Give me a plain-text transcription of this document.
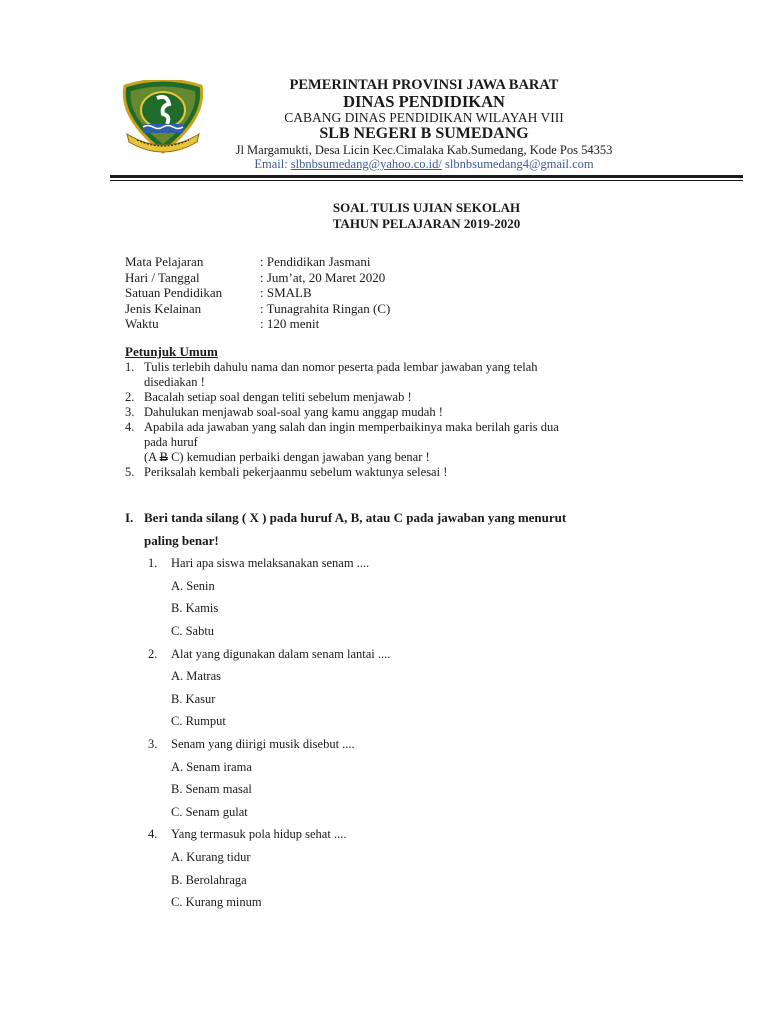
PEMERINTAH PROVINSI JAWA BARAT
DINAS PENDIDIKAN
CABANG DINAS PENDIDIKAN WILAYAH VIII
SLB NEGERI B SUMEDANG
Jl Margamukti, Desa Licin Kec.Cimalaka Kab.Sumedang, Kode Pos 54353
Email: slbnbsumedang@yahoo.co.id/ slbnbsumedang4@gmail.com
SOAL TULIS UJIAN SEKOLAH
TAHUN PELAJARAN 2019-2020
Mata Pelajaran	: Pendidikan Jasmani
Hari / Tanggal	: Jum’at, 20 Maret 2020
Satuan Pendidikan	: SMALB
Jenis Kelainan	: Tunagrahita Ringan (C)
Waktu	: 120 menit
Petunjuk Umum
1. Tulis terlebih dahulu nama dan nomor peserta pada lembar jawaban yang telah
disediakan !
2. Bacalah setiap soal dengan teliti sebelum menjawab !
3. Dahulukan menjawab soal-soal yang kamu anggap mudah !
4. Apabila ada jawaban yang salah dan ingin memperbaikinya maka berilah garis dua
pada huruf
(A B C) kemudian perbaiki dengan jawaban yang benar !
5. Periksalah kembali pekerjaanmu sebelum waktunya selesai !
I. Beri tanda silang ( X ) pada huruf A, B, atau C pada jawaban yang menurut
paling benar!
1. Hari apa siswa melaksanakan senam ....
A. Senin
B. Kamis
C. Sabtu
2. Alat yang digunakan dalam senam lantai ....
A. Matras
B. Kasur
C. Rumput
3. Senam yang diirigi musik disebut ....
A. Senam irama
B. Senam masal
C. Senam gulat
4. Yang termasuk pola hidup sehat ....
A. Kurang tidur
B. Berolahraga
C. Kurang minum
